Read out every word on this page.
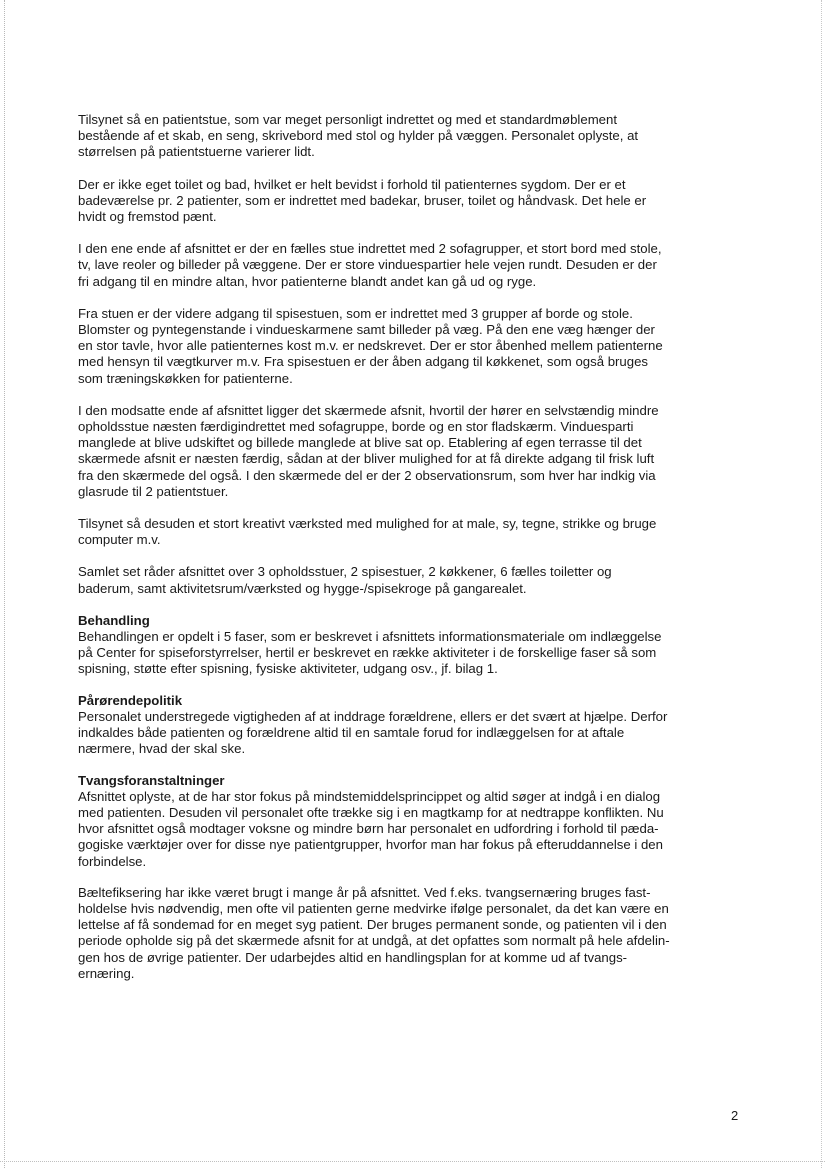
Tilsynet så en patientstue, som var meget personligt indrettet og med et standardmøblement
bestående af et skab, en seng, skrivebord med stol og hylder på væggen. Personalet oplyste, at
størrelsen på patientstuerne varierer lidt.

Der er ikke eget toilet og bad, hvilket er helt bevidst i forhold til patienternes sygdom. Der er et
badeværelse pr. 2 patienter, som er indrettet med badekar, bruser, toilet og håndvask. Det hele er
hvidt og fremstod pænt.

I den ene ende af afsnittet er der en fælles stue indrettet med 2 sofagrupper, et stort bord med stole,
tv, lave reoler og billeder på væggene. Der er store vinduespartier hele vejen rundt. Desuden er der
fri adgang til en mindre altan, hvor patienterne blandt andet kan gå ud og ryge.

Fra stuen er der videre adgang til spisestuen, som er indrettet med 3 grupper af borde og stole.
Blomster og pyntegenstande i vindueskarmene samt billeder på væg. På den ene væg hænger der
en stor tavle, hvor alle patienternes kost m.v. er nedskrevet. Der er stor åbenhed mellem patienterne
med hensyn til vægtkurver m.v. Fra spisestuen er der åben adgang til køkkenet, som også bruges
som træningskøkken for patienterne.

I den modsatte ende af afsnittet ligger det skærmede afsnit, hvortil der hører en selvstændig mindre
opholdsstue næsten færdigindrettet med sofagruppe, borde og en stor fladskærm. Vinduesparti
manglede at blive udskiftet og billede manglede at blive sat op. Etablering af egen terrasse til det
skærmede afsnit er næsten færdig, sådan at der bliver mulighed for at få direkte adgang til frisk luft
fra den skærmede del også. I den skærmede del er der 2 observationsrum, som hver har indkig via
glasrude til 2 patientstuer.

Tilsynet så desuden et stort kreativt værksted med mulighed for at male, sy, tegne, strikke og bruge
computer m.v.

Samlet set råder afsnittet over 3 opholdsstuer, 2 spisestuer, 2 køkkener, 6 fælles toiletter og
baderum, samt aktivitetsrum/værksted og hygge-/spisekroge på gangarealet.

Behandling

Behandlingen er opdelt i 5 faser, som er beskrevet i afsnittets informationsmateriale om indlæggelse
på Center for spiseforstyrrelser, hertil er beskrevet en række aktiviteter i de forskellige faser så som
spisning, støtte efter spisning, fysiske aktiviteter, udgang osv., jf. bilag 1.

Pårørendepolitik

Personalet understregede vigtigheden af at inddrage forældrene, ellers er det svært at hjælpe. Derfor
indkaldes både patienten og forældrene altid til en samtale forud for indlæggelsen for at aftale
nærmere, hvad der skal ske.

Tvangsforanstaltninger

Afsnittet oplyste, at de har stor fokus på mindstemiddelsprincippet og altid søger at indgå i en dialog
med patienten. Desuden vil personalet ofte trække sig i en magtkamp for at nedtrappe konflikten. Nu
hvor afsnittet også modtager voksne og mindre børn har personalet en udfordring i forhold til pæda-
gogiske værktøjer over for disse nye patientgrupper, hvorfor man har fokus på efteruddannelse i den
forbindelse.

Bæltefiksering har ikke været brugt i mange år på afsnittet. Ved f.eks. tvangsernæring bruges fast-
holdelse hvis nødvendig, men ofte vil patienten gerne medvirke ifølge personalet, da det kan være en
lettelse af få sondemad for en meget syg patient. Der bruges permanent sonde, og patienten vil i den
periode opholde sig på det skærmede afsnit for at undgå, at det opfattes som normalt på hele afdelin-
gen hos de øvrige patienter. Der udarbejdes altid en handlingsplan for at komme ud af tvangs-
ernæring.

2
